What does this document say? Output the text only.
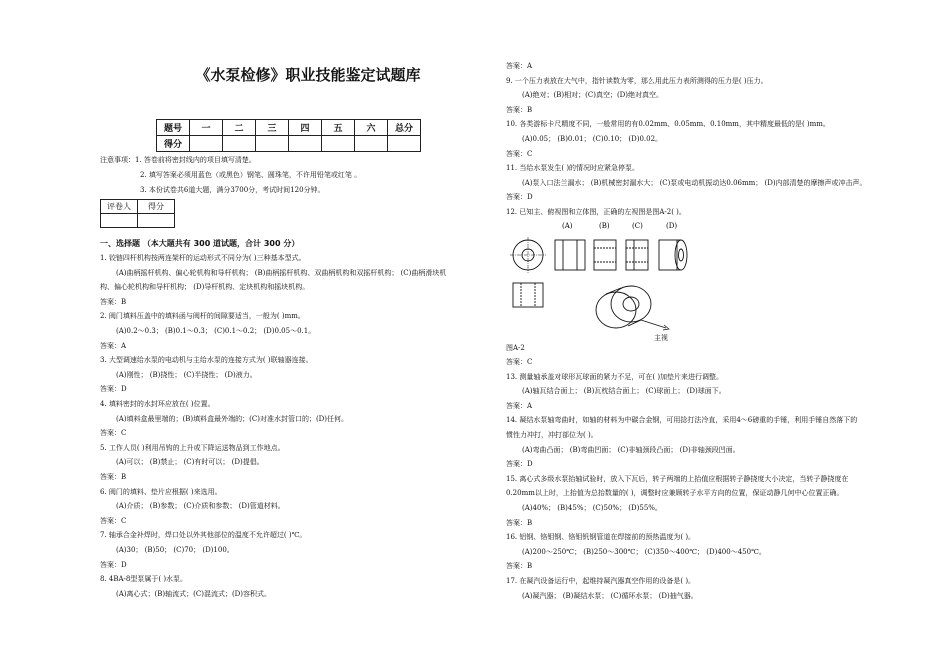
《水泵检修》职业技能鉴定试题库
题号	一	二	三	四	五	六	总分
得分							
注意事项：1. 答卷前将密封线内的项目填写清楚。
2. 填写答案必须用蓝色（或黑色）钢笔、圆珠笔，不许用铅笔或红笔 。
3. 本份试卷共6道大题，满分3700分，考试时间120分钟。
评卷人	得分

一、选择题 （本大题共有 300 道试题，合计 300 分）
1. 铰链四杆机构按两连架杆的运动形式不同分为( )三种基本型式。
(A)曲柄摇杆机构、偏心轮机构和导杆机构； (B)曲柄摇杆机构、双曲柄机构和双摇杆机构； (C)曲柄滑块机
构、偏心轮机构和导杆机构； (D)导杆机构、定块机构和摇块机构。
答案：B
2. 阀门填料压盖中的填料函与阀杆的间隙要适当，一般为( )mm。
(A)0.2～0.3； (B)0.1～0.3； (C)0.1～0.2； (D)0.05～0.1。
答案：A
3. 大型调速给水泵的电动机与主给水泵的连接方式为( )联轴器连接。
(A)刚性； (B)挠性； (C)半挠性； (D)液力。
答案：D
4. 填料密封的水封环应放在( )位置。
(A)填料盒最里端的；(B)填料盒最外端的；(C)对准水封管口的；(D)任何。
答案：C
5. 工作人员( )利用吊钩的上升或下降运送物品到工作地点。
(A)可以； (B)禁止； (C)有时可以； (D)提倡。
答案：B
6. 阀门的填料、垫片应根据( )来选用。
(A)介质； (B)参数； (C)介质和参数； (D)管道材料。
答案：C
7. 轴承合金补焊时，焊口处以外其他部位的温度不允许超过( )℃。
(A)30； (B)50； (C)70； (D)100。
答案：D
8. 4BA-8型泵属于( )水泵。
(A)离心式；(B)轴流式；(C)混流式；(D)容积式。
答案：A
9. 一个压力表放在大气中，指针读数为零，那么用此压力表所测得的压力是( )压力。
(A)绝对；(B)相对；(C)真空；(D)绝对真空。
答案：B
10. 各类游标卡尺精度不同，一般常用的有0.02mm、0.05mm、0.10mm，其中精度最低的是( )mm。
(A)0.05； (B)0.01； (C)0.10； (D)0.02。
答案：C
11. 当给水泵发生( )的情况时应紧急停泵。
(A)泵入口法兰漏水； (B)机械密封漏水大； (C)泵或电动机振动达0.06mm； (D)内部清楚的摩擦声或冲击声。
答案：D
12. 已知主、俯视图和立体图，正确的左视图是图A-2( )。
图A-2
答案：C
13. 测量轴承盖对球形瓦球面的紧力不足，可在( )加垫片来进行调整。
(A)轴瓦结合面上； (B)瓦枕结合面上； (C)球面上； (D)球面下。
答案：A
14. 凝结水泵轴弯曲时，如轴的材料为中碳合金钢，可用捻打法冷直，采用4～6磅重的手锤，利用手锤自然落下的
惯性力冲打，冲打部位为( )。
(A)弯曲凸面； (B)弯曲凹面； (C)非轴颈段凸面； (D)非轴颈段凹面。
答案：D
15. 离心式多级水泵抬轴试验时，放入下瓦后，转子两端的上抬值应根据转子静挠度大小决定，当转子静挠度在
0.20mm以上时，上抬值为总抬数量的( )，调整时应兼顾转子水平方向的位置，保证动静几何中心位置正确。
(A)40%； (B)45%； (C)50%； (D)55%。
答案：B
16. 铝钢、铬钼钢、铬钼钒钢管道在焊接前的预热温度为( )。
(A)200～250℃； (B)250～300℃； (C)350～400℃； (D)400～450℃。
答案：B
17. 在凝汽设备运行中，起维持凝汽器真空作用的设备是( )。
(A)凝汽器； (B)凝结水泵； (C)循环水泵； (D)抽气器。
(A)	(B)	(C)	(D)
主视
